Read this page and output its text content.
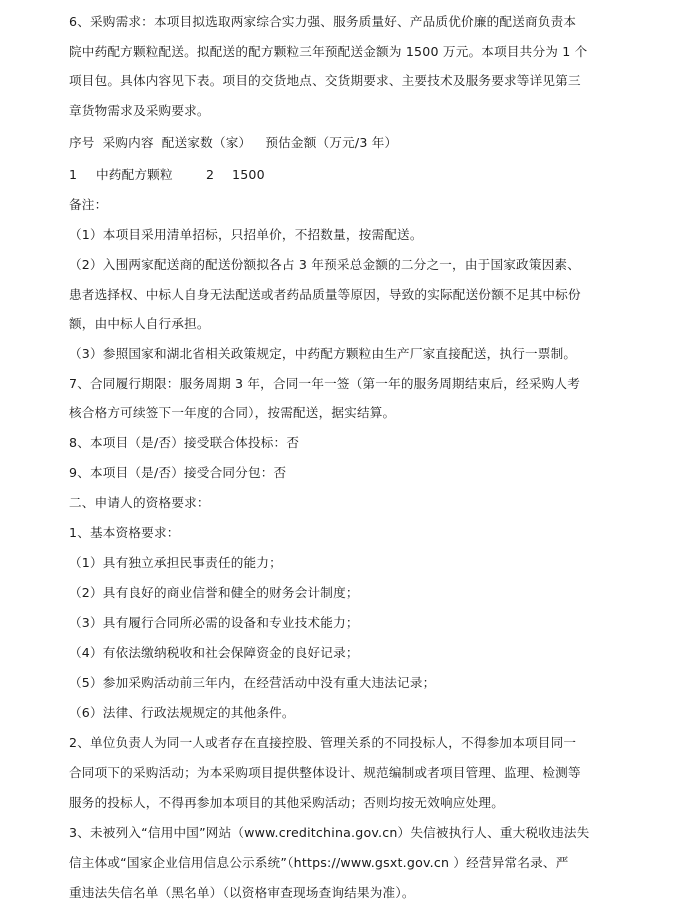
6、采购需求：本项目拟选取两家综合实力强、服务质量好、产品质优价廉的配送商负责本
院中药配方颗粒配送。拟配送的配方颗粒三年预配送金额为 1500 万元。本项目共分为 1 个
项目包。具体内容见下表。项目的交货地点、交货期要求、主要技术及服务要求等详见第三
章货物需求及采购要求。
序号 采购内容 配送家数（家） 预估金额（万元/3 年）
1 中药配方颗粒	2 1500
备注：
（1）本项目采用清单招标，只招单价，不招数量，按需配送。
（2）入围两家配送商的配送份额拟各占 3 年预采总金额的二分之一，由于国家政策因素、
患者选择权、中标人自身无法配送或者药品质量等原因，导致的实际配送份额不足其中标份
额，由中标人自行承担。
（3）参照国家和湖北省相关政策规定，中药配方颗粒由生产厂家直接配送，执行一票制。
7、合同履行期限：服务周期 3 年，合同一年一签（第一年的服务周期结束后，经采购人考
核合格方可续签下一年度的合同），按需配送，据实结算。
8、本项目（是/否）接受联合体投标：否
9、本项目（是/否）接受合同分包：否
二、申请人的资格要求：
1、基本资格要求：
（1）具有独立承担民事责任的能力；
（2）具有良好的商业信誉和健全的财务会计制度；
（3）具有履行合同所必需的设备和专业技术能力；
（4）有依法缴纳税收和社会保障资金的良好记录；
（5）参加采购活动前三年内，在经营活动中没有重大违法记录；
（6）法律、行政法规规定的其他条件。
2、单位负责人为同一人或者存在直接控股、管理关系的不同投标人，不得参加本项目同一
合同项下的采购活动；为本采购项目提供整体设计、规范编制或者项目管理、监理、检测等
服务的投标人，不得再参加本项目的其他采购活动；否则均按无效响应处理。
3、未被列入“信用中国”网站（www.creditchina.gov.cn）失信被执行人、重大税收违法失
信主体或“国家企业信用信息公示系统”（https://www.gsxt.gov.cn ）经营异常名录、严
重违法失信名单（黑名单）（以资格审查现场查询结果为准）。
